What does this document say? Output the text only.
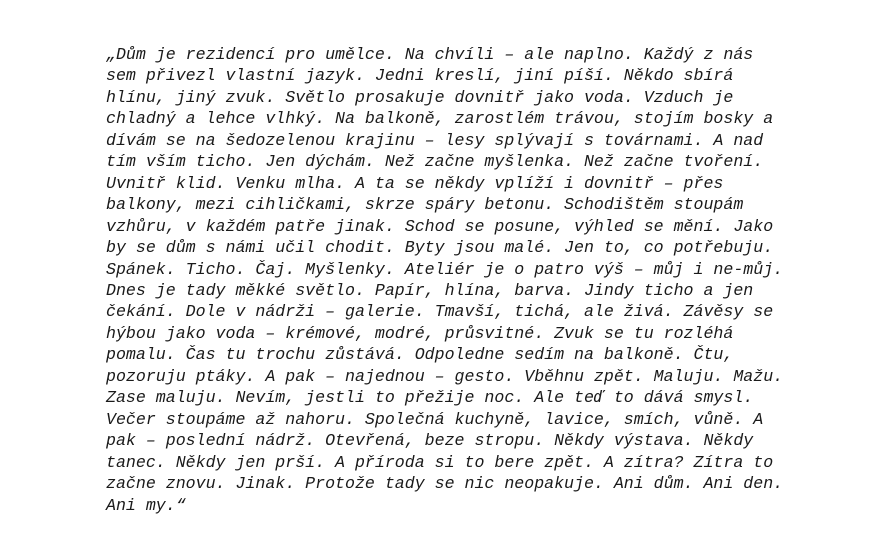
„Dům je rezidencí pro umělce. Na chvíli – ale naplno. Každý z nás
sem přivezl vlastní jazyk. Jedni kreslí, jiní píší. Někdo sbírá
hlínu, jiný zvuk. Světlo prosakuje dovnitř jako voda. Vzduch je
chladný a lehce vlhký. Na balkoně, zarostlém trávou, stojím bosky a
dívám se na šedozelenou krajinu – lesy splývají s továrnami. A nad
tím vším ticho. Jen dýchám. Než začne myšlenka. Než začne tvoření.
Uvnitř klid. Venku mlha. A ta se někdy vplíží i dovnitř – přes
balkony, mezi cihličkami, skrze spáry betonu. Schodištěm stoupám
vzhůru, v každém patře jinak. Schod se posune, výhled se mění. Jako
by se dům s námi učil chodit. Byty jsou malé. Jen to, co potřebuju.
Spánek. Ticho. Čaj. Myšlenky. Ateliér je o patro výš – můj i ne-můj.
Dnes je tady měkké světlo. Papír, hlína, barva. Jindy ticho a jen
čekání. Dole v nádrži – galerie. Tmavší, tichá, ale živá. Závěsy se
hýbou jako voda – krémové, modré, průsvitné. Zvuk se tu rozléhá
pomalu. Čas tu trochu zůstává. Odpoledne sedím na balkoně. Čtu,
pozoruju ptáky. A pak – najednou – gesto. Vběhnu zpět. Maluju. Mažu.
Zase maluju. Nevím, jestli to přežije noc. Ale teď to dává smysl.
Večer stoupáme až nahoru. Společná kuchyně, lavice, smích, vůně. A
pak – poslední nádrž. Otevřená, beze stropu. Někdy výstava. Někdy
tanec. Někdy jen prší. A příroda si to bere zpět. A zítra? Zítra to
začne znovu. Jinak. Protože tady se nic neopakuje. Ani dům. Ani den.
Ani my.“
